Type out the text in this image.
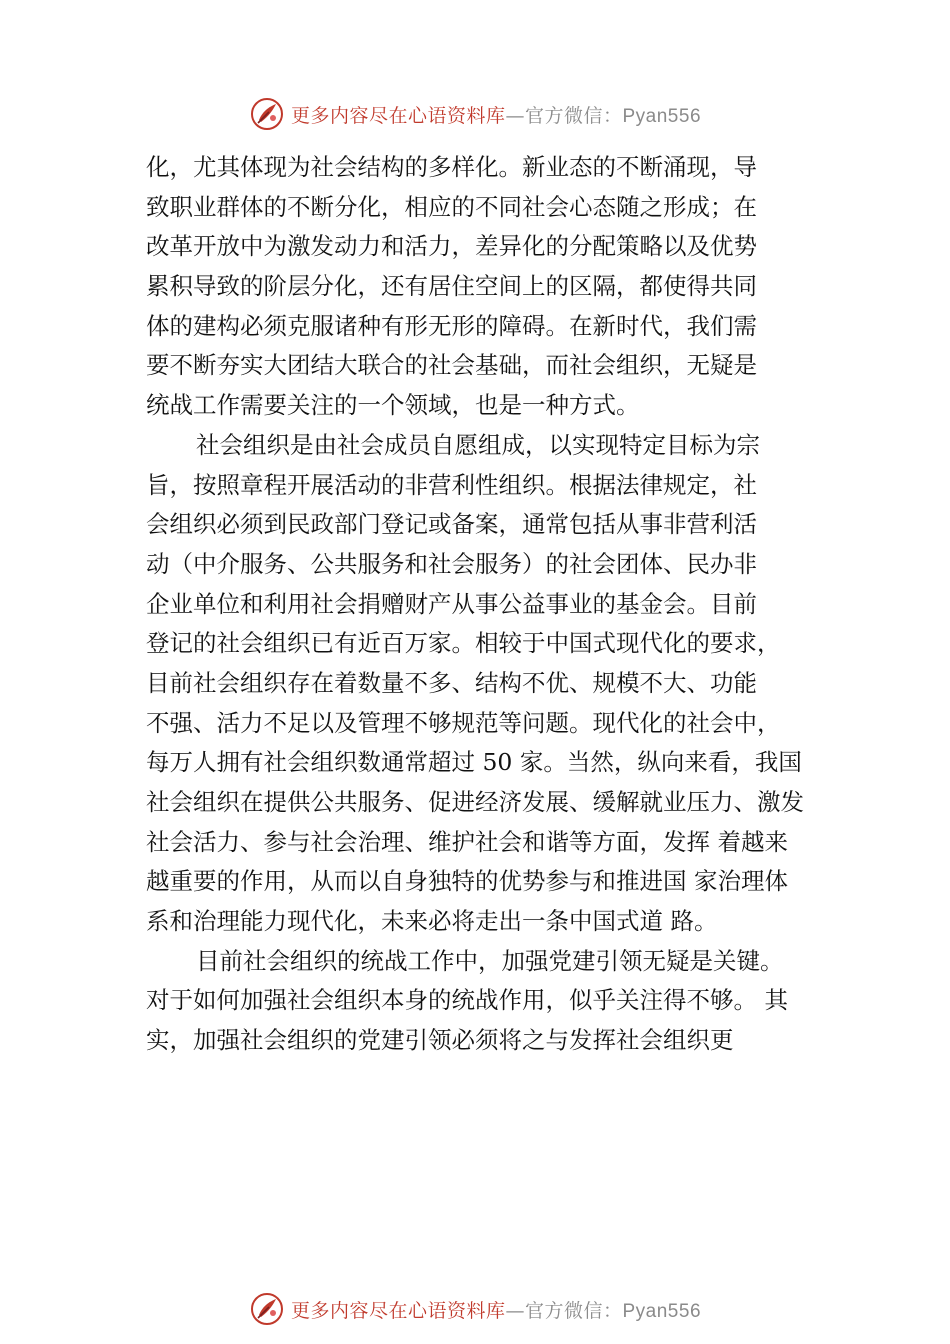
更多内容尽在心语资料库—官方微信：Pyan556
化，尤其体现为社会结构的多样化。新业态的不断涌现，导
致职业群体的不断分化，相应的不同社会心态随之形成；在
改革开放中为激发动力和活力，差异化的分配策略以及优势
累积导致的阶层分化，还有居住空间上的区隔，都使得共同
体的建构必须克服诸种有形无形的障碍。在新时代，我们需
要不断夯实大团结大联合的社会基础，而社会组织，无疑是
统战工作需要关注的一个领域，也是一种方式。
社会组织是由社会成员自愿组成，以实现特定目标为宗
旨，按照章程开展活动的非营利性组织。根据法律规定，社
会组织必须到民政部门登记或备案，通常包括从事非营利活
动（中介服务、公共服务和社会服务）的社会团体、民办非
企业单位和利用社会捐赠财产从事公益事业的基金会。目前
登记的社会组织已有近百万家。相较于中国式现代化的要求，
目前社会组织存在着数量不多、结构不优、规模不大、功能
不强、活力不足以及管理不够规范等问题。现代化的社会中，
每万人拥有社会组织数通常超过 50 家。当然，纵向来看，我国
社会组织在提供公共服务、促进经济发展、缓解就业压力、激发
社会活力、参与社会治理、维护社会和谐等方面，发挥 着越来
越重要的作用，从而以自身独特的优势参与和推进国 家治理体
系和治理能力现代化，未来必将走出一条中国式道 路。
目前社会组织的统战工作中，加强党建引领无疑是关键。
对于如何加强社会组织本身的统战作用，似乎关注得不够。 其
实，加强社会组织的党建引领必须将之与发挥社会组织更
更多内容尽在心语资料库—官方微信：Pyan556
